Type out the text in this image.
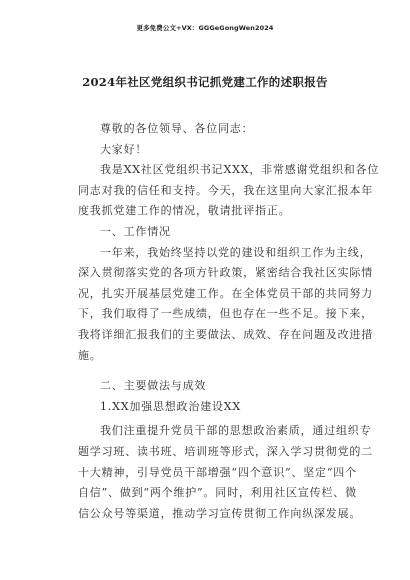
更多免费公文+VX：GGGeGongWen2024
2024年社区党组织书记抓党建工作的述职报告

尊敬的各位领导、各位同志：

大家好！

我是XX社区党组织书记XXX，非常感谢党组织和各位
同志对我的信任和支持。今天，我在这里向大家汇报本年
度我抓党建工作的情况，敬请批评指正。

一、工作情况

一年来，我始终坚持以党的建设和组织工作为主线，
深入贯彻落实党的各项方针政策，紧密结合我社区实际情
况，扎实开展基层党建工作。在全体党员干部的共同努力
下，我们取得了一些成绩，但也存在一些不足。接下来，
我将详细汇报我们的主要做法、成效、存在问题及改进措
施。

二、主要做法与成效

1.XX加强思想政治建设XX

我们注重提升党员干部的思想政治素质，通过组织专
题学习班、读书班、培训班等形式，深入学习贯彻党的二
十大精神，引导党员干部增强“四个意识”、坚定“四个
自信”、做到“两个维护”。同时，利用社区宣传栏、微
信公众号等渠道，推动学习宣传贯彻工作向纵深发展。
